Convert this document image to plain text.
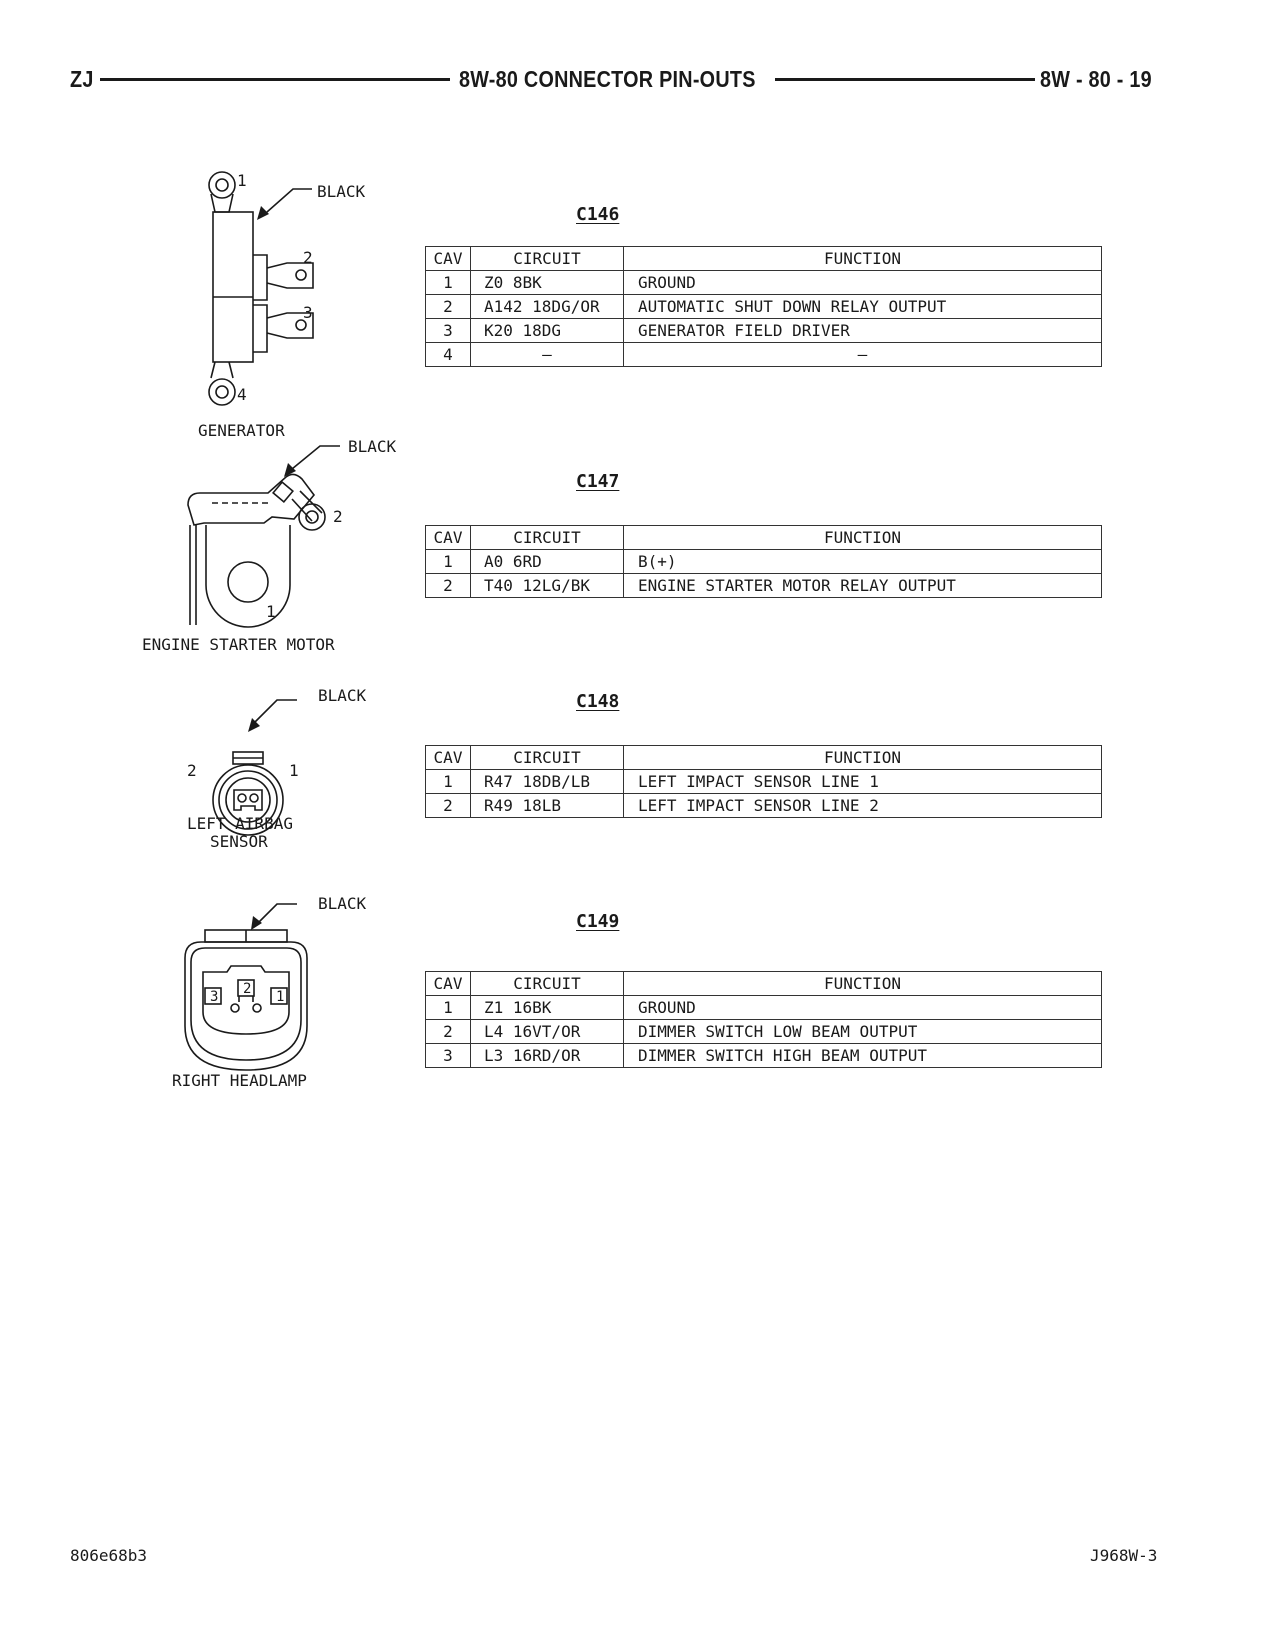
ZJ	8W-80 CONNECTOR PIN-OUTS	8W - 80 - 19
1
2
3
4
BLACK
GENERATOR
C146
CAV	CIRCUIT	FUNCTION
1	Z0 8BK	GROUND
2	A142 18DG/OR	AUTOMATIC SHUT DOWN RELAY OUTPUT
3	K20 18DG	GENERATOR FIELD DRIVER
4	–	–
BLACK
2
1
ENGINE STARTER MOTOR
C147
CAV	CIRCUIT	FUNCTION
1	A0 6RD	B(+)
2	T40 12LG/BK	ENGINE STARTER MOTOR RELAY OUTPUT
BLACK
2	1
LEFT AIRBAG
SENSOR
C148
CAV	CIRCUIT	FUNCTION
1	R47 18DB/LB	LEFT IMPACT SENSOR LINE 1
2	R49 18LB	LEFT IMPACT SENSOR LINE 2
3 2 1
BLACK
RIGHT HEADLAMP
C149
CAV	CIRCUIT	FUNCTION
1	Z1 16BK	GROUND
2	L4 16VT/OR	DIMMER SWITCH LOW BEAM OUTPUT
3	L3 16RD/OR	DIMMER SWITCH HIGH BEAM OUTPUT
806e68b3	J968W-3
